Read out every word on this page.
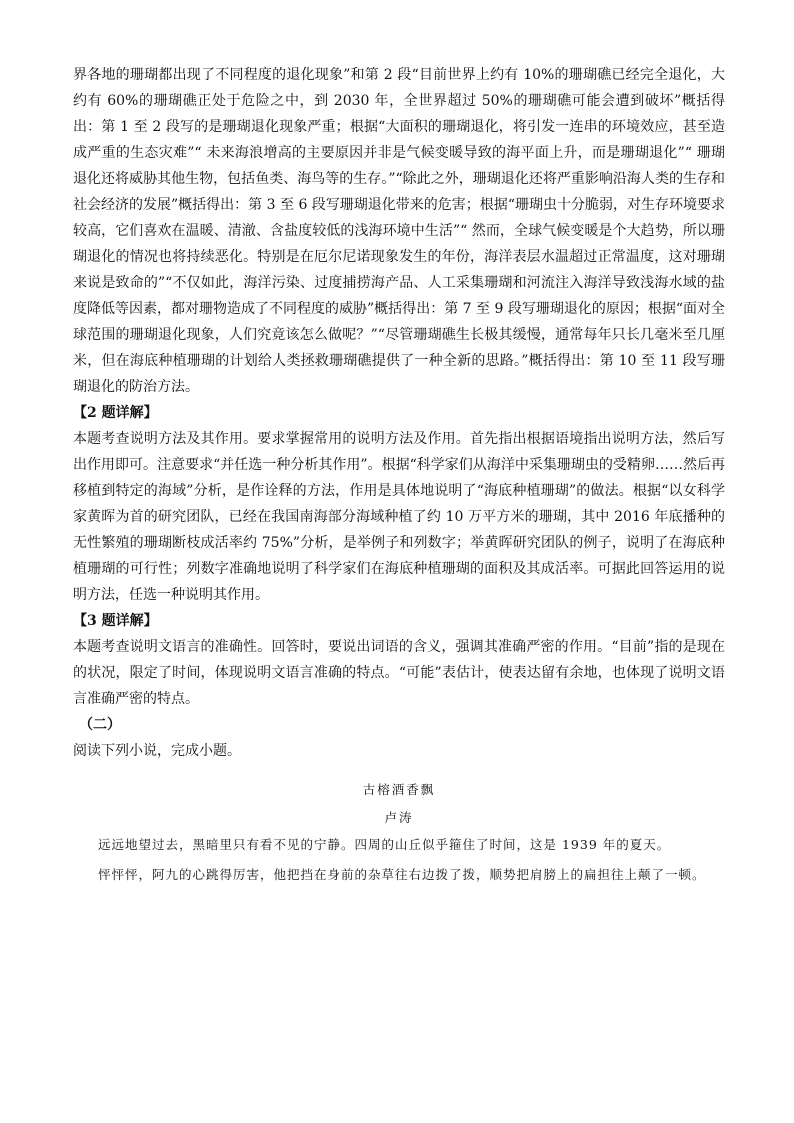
界各地的珊瑚都出现了不同程度的退化现象”和第 2 段“目前世界上约有 10%的珊瑚礁已经完全退化，大约有 60%的珊瑚礁正处于危险之中，到 2030 年，全世界超过 50%的珊瑚礁可能会遭到破坏”概括得出：第 1 至 2 段写的是珊瑚退化现象严重；根据“大面积的珊瑚退化，将引发一连串的环境效应，甚至造成严重的生态灾难”“ 未来海浪增高的主要原因并非是气候变暖导致的海平面上升，而是珊瑚退化”“ 珊瑚退化还将威胁其他生物，包括鱼类、海鸟等的生存。”“除此之外，珊瑚退化还将严重影响沿海人类的生存和社会经济的发展”概括得出：第 3 至 6 段写珊瑚退化带来的危害；根据“珊瑚虫十分脆弱，对生存环境要求较高，它们喜欢在温暖、清澈、含盐度较低的浅海环境中生活”“ 然而，全球气候变暖是个大趋势，所以珊瑚退化的情况也将持续恶化。特别是在厄尔尼诺现象发生的年份，海洋表层水温超过正常温度，这对珊瑚来说是致命的”“不仅如此，海洋污染、过度捕捞海产品、人工采集珊瑚和河流注入海洋导致浅海水域的盐度降低等因素，都对珊物造成了不同程度的威胁”概括得出：第 7 至 9 段写珊瑚退化的原因；根据“面对全球范围的珊瑚退化现象，人们究竟该怎么做呢？”“尽管珊瑚礁生长极其缓慢，通常每年只长几毫米至几厘米，但在海底种植珊瑚的计划给人类拯救珊瑚礁提供了一种全新的思路。”概括得出：第 10 至 11 段写珊瑚退化的防治方法。

【2 题详解】

本题考查说明方法及其作用。要求掌握常用的说明方法及作用。首先指出根据语境指出说明方法，然后写出作用即可。注意要求“并任选一种分析其作用”。根据“科学家们从海洋中采集珊瑚虫的受精卵……然后再移植到特定的海域”分析，是作诠释的方法，作用是具体地说明了“海底种植珊瑚”的做法。根据“以女科学家黄晖为首的研究团队，已经在我国南海部分海域种植了约 10 万平方米的珊瑚，其中 2016 年底播种的无性繁殖的珊瑚断枝成活率约 75%”分析，是举例子和列数字；举黄晖研究团队的例子，说明了在海底种植珊瑚的可行性；列数字准确地说明了科学家们在海底种植珊瑚的面积及其成活率。可据此回答运用的说明方法，任选一种说明其作用。

【3 题详解】

本题考查说明文语言的准确性。回答时，要说出词语的含义，强调其准确严密的作用。“目前”指的是现在的状况，限定了时间，体现说明文语言准确的特点。“可能”表估计，使表达留有余地，也体现了说明文语言准确严密的特点。

（二）

阅读下列小说，完成小题。

古榕酒香飘

卢涛

远远地望过去，黑暗里只有看不见的宁静。四周的山丘似乎箍住了时间，这是 1939 年的夏天。

怦怦怦，阿九的心跳得厉害，他把挡在身前的杂草往右边拨了拨，顺势把肩膀上的扁担往上颠了一顿。
